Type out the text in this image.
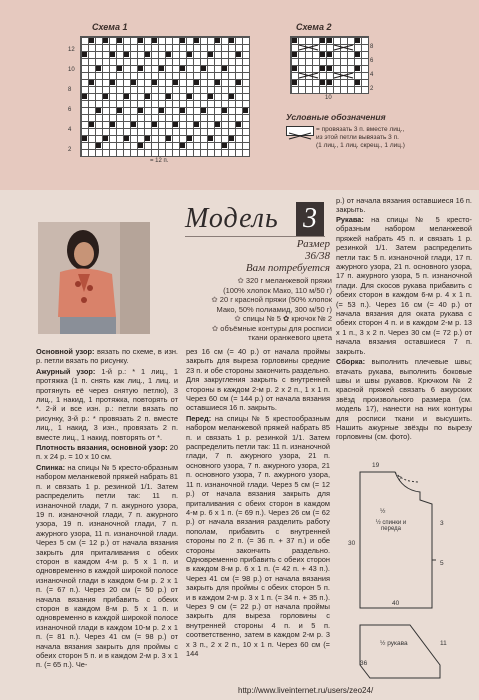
Схема 1
12
10
8
6
4
2
= 12 п.
Схема 2
8
6
4
2
10
Условные обозначения
= провязать 3 п. вместе лиц.,
из этой петли вывязать 3 п.
(1 лиц., 1 лиц. скрещ., 1 лиц.)
Модель 3

р.) от начала вязания оставшиеся 16 п. закрыть.

Размер
36/38
Вам потребуется
✿ 320 г меланжевой пряжи
(100% хлопок Мако, 110 м/50 г)
✿ 20 г красной пряжи (50% хлопок
Мако, 50% полиамид, 300 м/50 г)
✿ спицы № 5 ✿ крючок № 2
✿ объёмные контуры для росписи
ткани оранжевого цвета

Основной узор: вязать по схеме, в изн. р. петли вязать по рисунку.

Ажурный узор: 1-й р.: * 1 лиц., 1 протяжка (1 п. снять как лиц., 1 лиц. и протянуть её через снятую петлю), 3 лиц., 1 накид, 1 протяжка, повторять от *. 2-й и все изн. р.: петли вязать по рисунку, 3-й р.: * провязать 2 п. вместе лиц., 1 накид, 3 изн., провязать 2 п. вместе лиц., 1 накид, повторять от *.

Плотность вязания, основной узор: 20 п. x 24 р. = 10 x 10 см.

Спинка: на спицы № 5 кресто-образным набором меланжевой пряжей набрать 81 п. и связать 1 р. резинкой 1/1. Затем распределить петли так: 11 п. изнаночной глади, 7 п. ажурного узора, 19 п. изнаночной глади, 7 п. ажурного узора, 19 п. изнаночной глади, 7 п. ажурного узора, 11 п. изнаночной глади. Через 5 см (= 12 р.) от начала вязания закрыть для приталивания с обеих сторон в каждом 4-м р. 5 х 1 п. и одновременно в каждой широкой полосе изнаночной глади в каждом 6-м р. 2 х 1 п. (= 67 п.). Через 20 см (= 50 р.) от начала вязания прибавить с обеих сторон в каждом 8-м р. 5 х 1 п. и одновременно в каждой широкой полосе изнаночной глади в каждом 10-м р. 2 х 1 п. (= 81 п.). Через 41 см (= 98 р.) от начала вязания закрыть для проймы с обеих сторон 5 п. и в каждом 2-м р. 3 х 1 п. (= 65 п.). Че-

рез 16 см (= 40 р.) от начала проймы закрыть для выреза горловины средние 23 п. и обе стороны закончить раздельно. Для закругления закрыть с внутренней стороны в каждом 2-м р. 2 х 2 п., 1 х 1 п. Через 60 см (= 144 р.) от начала вязания оставшиеся 16 п. закрыть.

Перед: на спицы № 5 крестообразным набором меланжевой пряжей набрать 85 п. и связать 1 р. резинкой 1/1. Затем распределить петли так: 11 п. изнаночной глади, 7 п. ажурного узора, 21 п. основного узора, 7 п. ажурного узора, 21 п. основного узора, 7 п. ажурного узора, 11 п. изнаночной глади. Через 5 см (= 12 р.) от начала вязания закрыть для приталивания с обеих сторон в каждом 4-м р. 6 х 1 п. (= 69 п.). Через 26 см (= 62 р.) от начала вязания разделить работу пополам, прибавить с внутренней стороны по 2 п. (= 36 п. + 37 п.) и обе стороны закончить раздельно. Одновременно прибавить с обеих сторон в каждом 8-м р. 6 х 1 п. (= 42 п. + 43 п.). Через 41 см (= 98 р.) от начала вязания закрыть для проймы с обеих сторон 5 п. и в каждом 2-м р. 3 х 1 п. (= 34 п. + 35 п.). Через 9 см (= 22 р.) от начала проймы закрыть для выреза горловины с внутренней стороны 4 п. и 5 п. соответственно, затем в каждом 2-м р. 3 х 3 п., 2 х 2 п., 10 х 1 п. Через 60 см (= 144

Рукава: на спицы № 5 кресто-образным набором меланжевой пряжей набрать 45 п. и связать 1 р. резинкой 1/1. Затем распределить петли так: 5 п. изнаночной глади, 17 п. ажурного узора, 21 п. основного узора, 17 п. ажурного узора, 5 п. изнаночной глади. Для скосов рукава прибавить с обеих сторон в каждом 6-м р. 4 х 1 п. (= 53 п.). Через 16 см (= 40 р.) от начала вязания для оката рукава с обеих сторон 4 п. и в каждом 2-м р. 13 х 1 п., 3 х 2 п. Через 30 см (= 72 р.) от начала вязания оставшиеся 7 п. закрыть.

Сборка: выполнить плечевые швы; втачать рукава, выполнить боковые швы и швы рукавов. Крючком № 2 красной пряжей связать 6 ажурских звёзд произвольного размера (см. модель 17), нанести на них контуры для росписи ткани и высушить. Нашить ажурные звёзды по вырезу горловины (см. фото).

19
7
30
3
5
½
½ спинки и переда
40
½ рукава
36
11
http://www.liveinternet.ru/users/zeo24/
